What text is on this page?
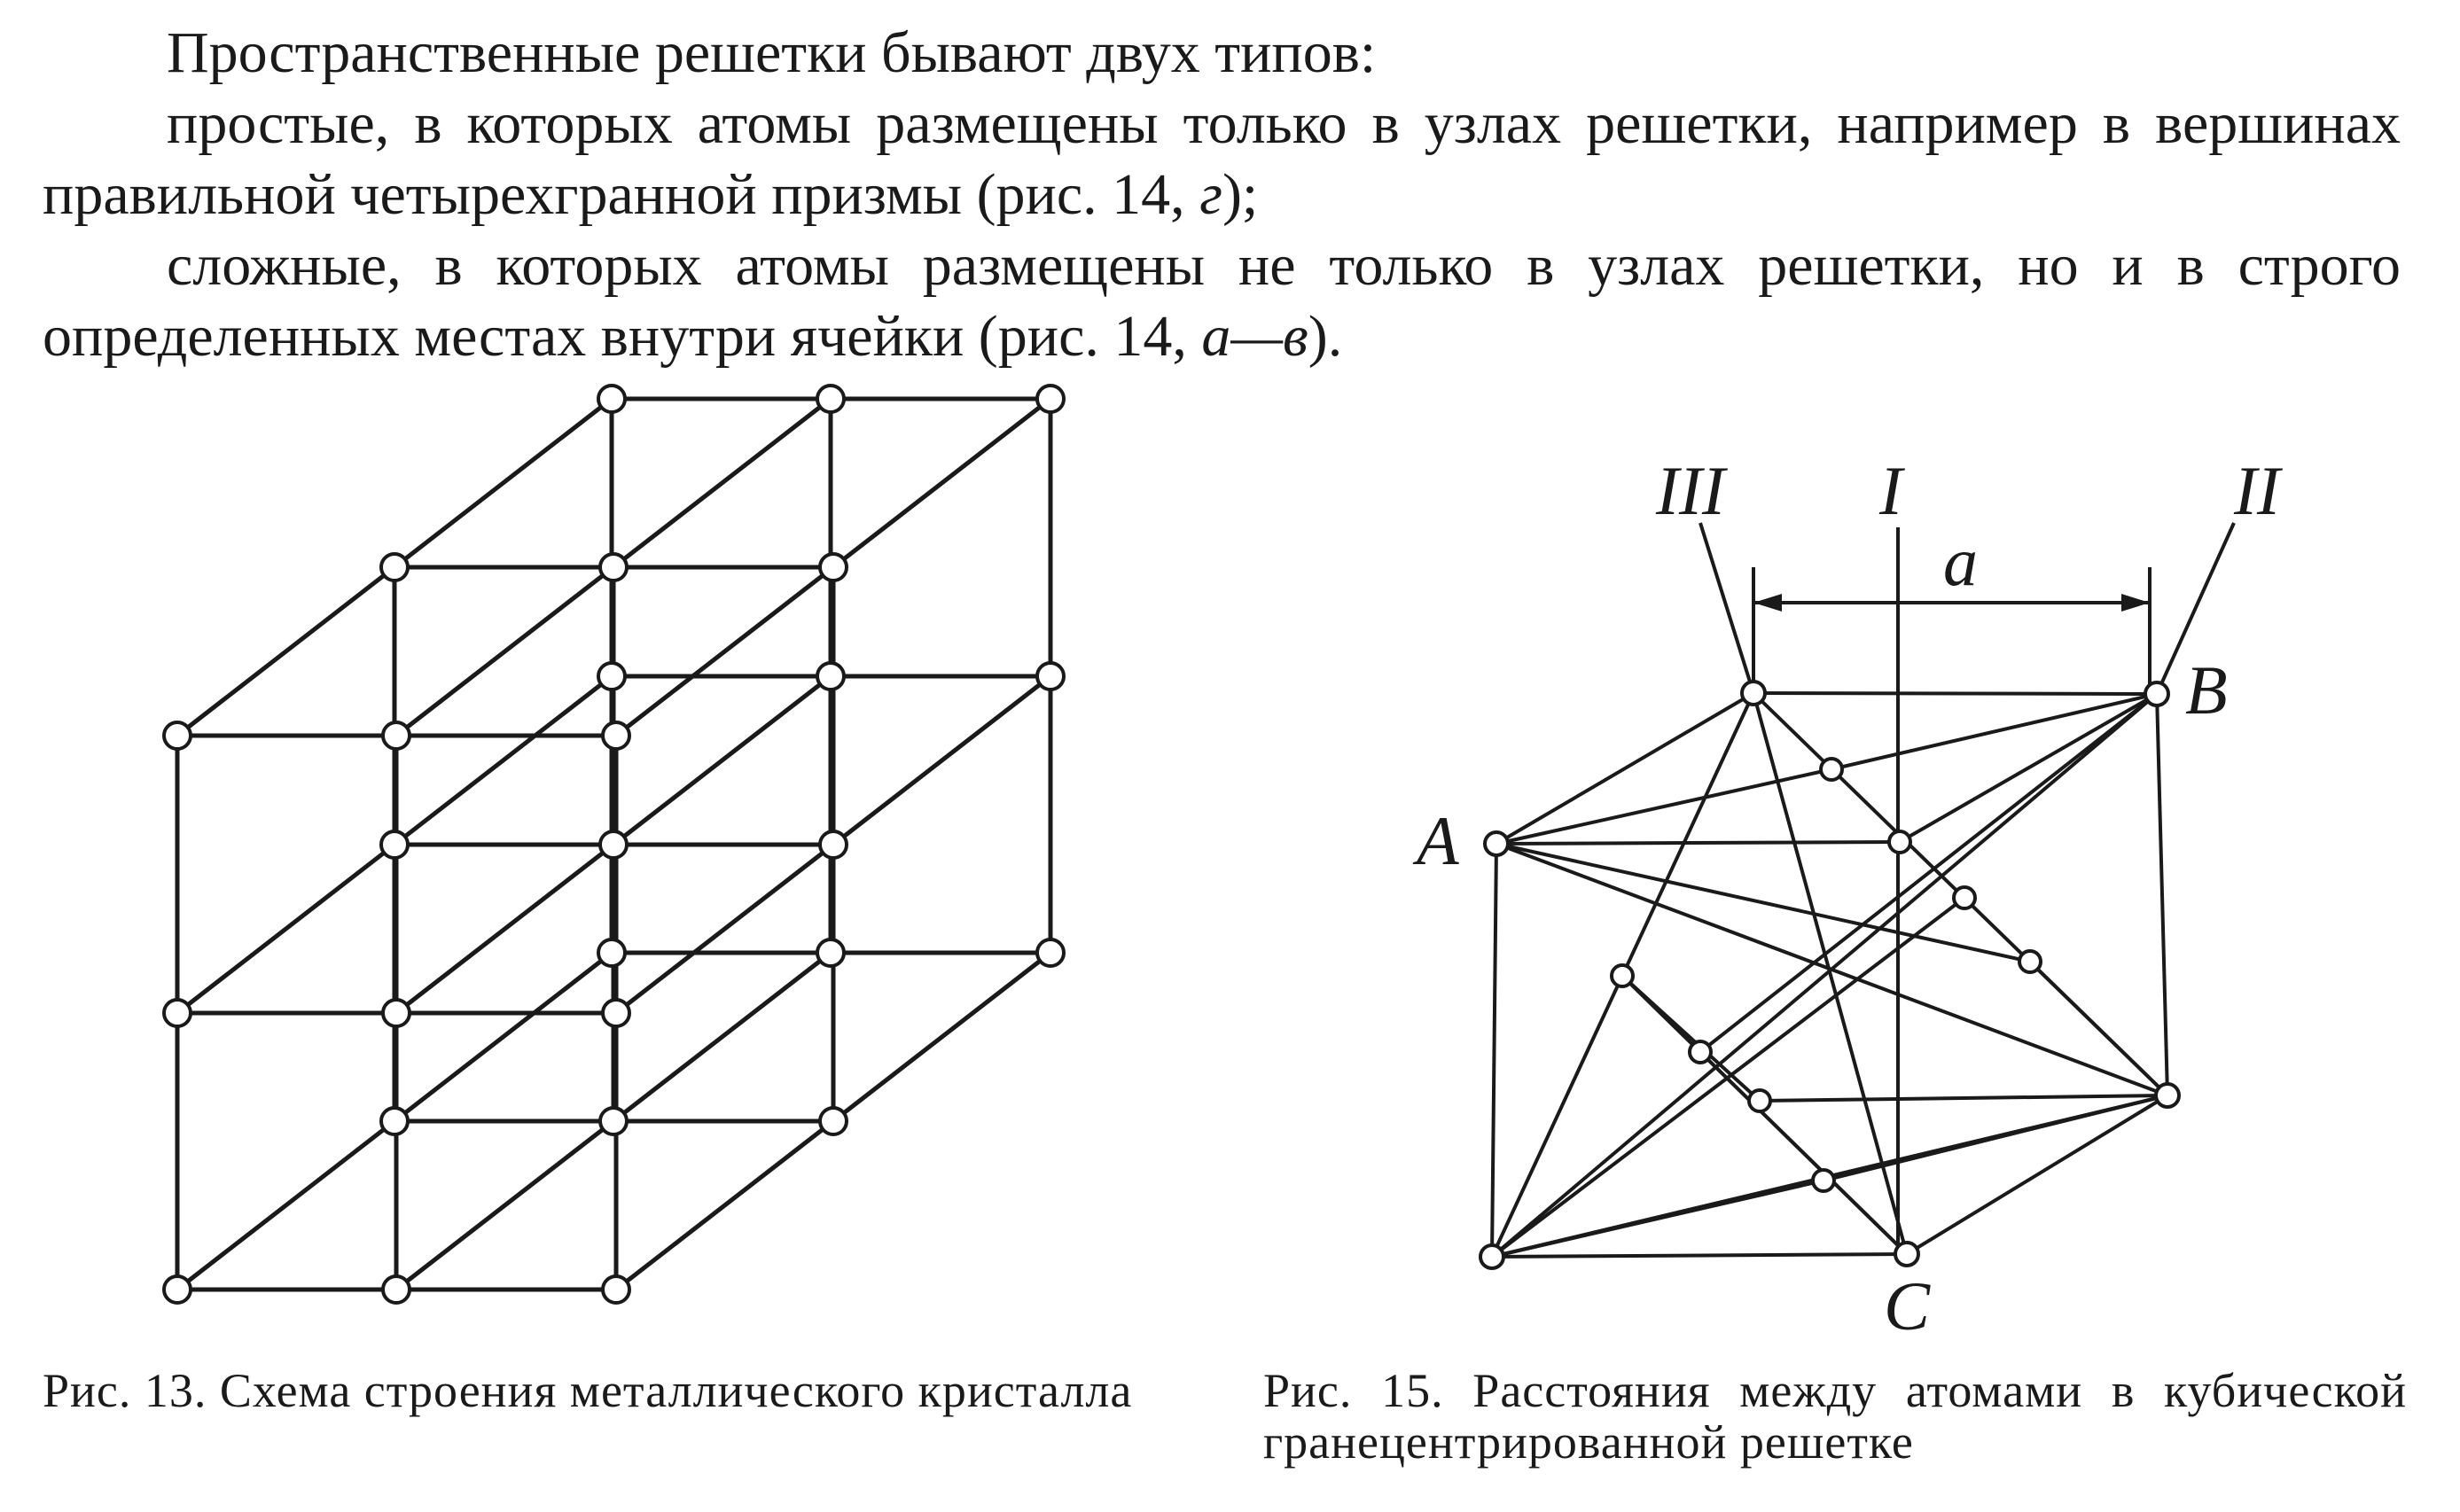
Пространственные решетки бывают двух типов:

простые, в которых атомы размещены только в узлах решетки, например в вершинах правильной четырехгранной призмы (рис. 14, г);

сложные, в которых атомы размещены не только в узлах решетки, но и в строго определенных местах внутри ячейки (рис. 14, а—в).

III I	II
a
A
B
C
Рис. 13. Схема строения металлического кристалла	Рис. 15. Расстояния между атомами в кубической гранецентрированной решетке
